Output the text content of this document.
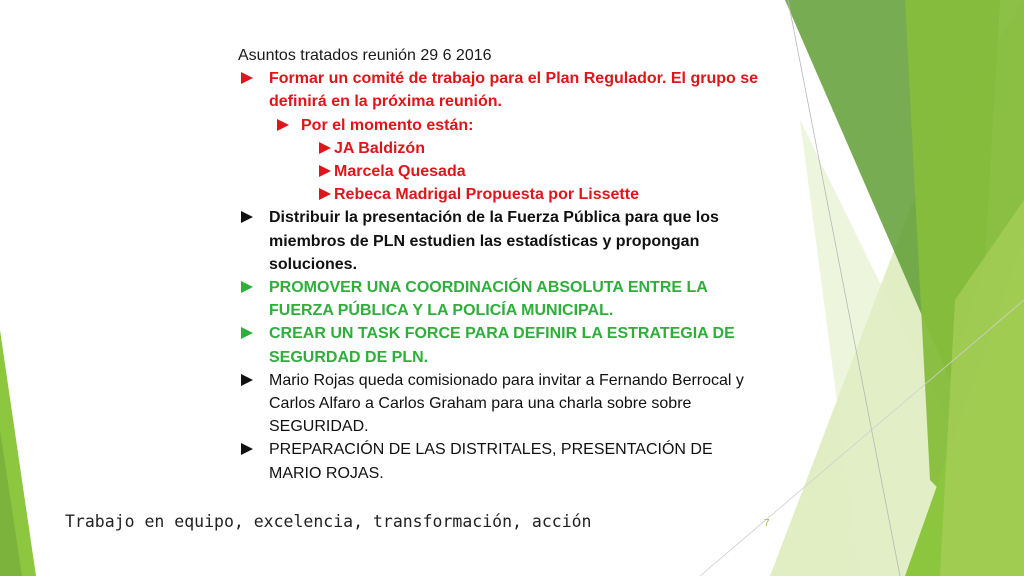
Asuntos tratados reunión 29 6 2016
Formar un comité de trabajo para el Plan Regulador. El grupo se definirá en la próxima reunión.
Por el momento están:
JA Baldizón
Marcela Quesada
Rebeca Madrigal Propuesta por Lissette
Distribuir la presentación de la Fuerza Pública para que los miembros de PLN estudien las estadísticas y propongan soluciones.
PROMOVER UNA COORDINACIÓN ABSOLUTA ENTRE LA FUERZA PÚBLICA Y LA POLICÍA MUNICIPAL.
CREAR UN TASK FORCE PARA DEFINIR LA ESTRATEGIA DE SEGURDAD DE PLN.
Mario Rojas queda comisionado para invitar a Fernando Berrocal y Carlos Alfaro a Carlos Graham para una charla sobre sobre SEGURIDAD.
PREPARACIÓN DE LAS DISTRITALES, PRESENTACIÓN DE MARIO ROJAS.
Trabajo en equipo, excelencia, transformación, acción	7
